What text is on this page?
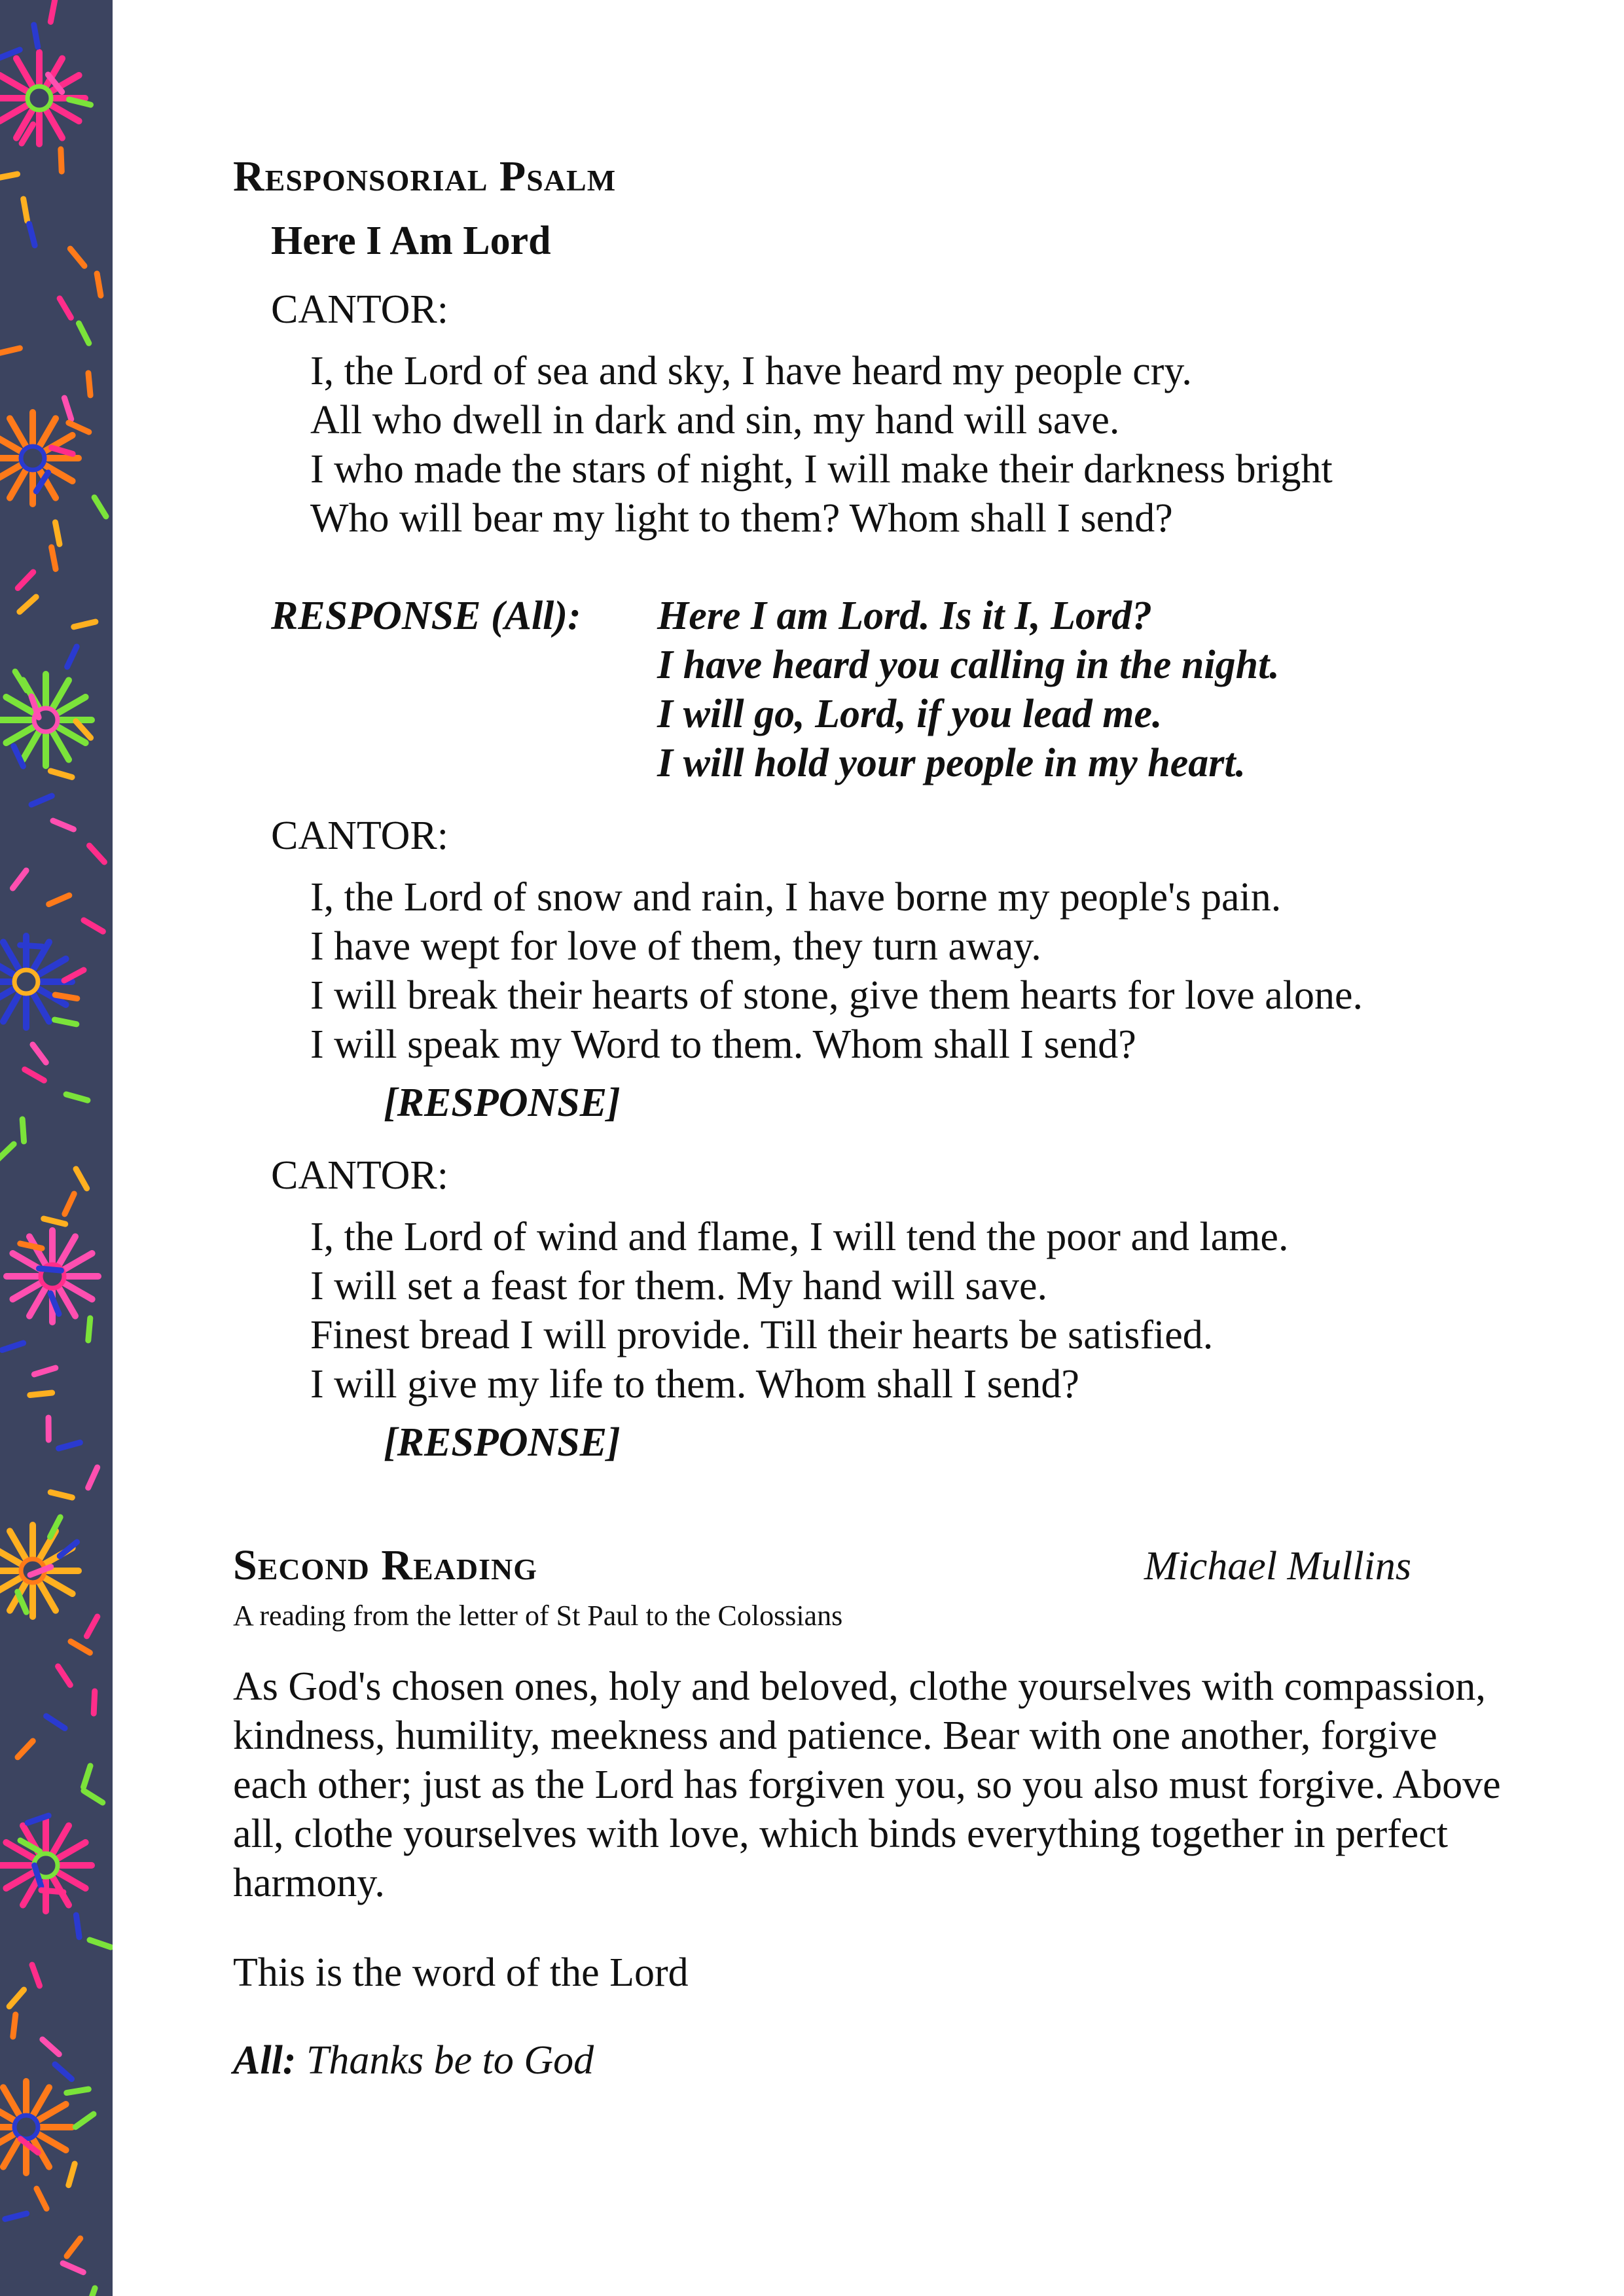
Responsorial Psalm
Here I Am Lord
CANTOR:
I, the Lord of sea and sky, I have heard my people cry.
All who dwell in dark and sin, my hand will save.
I who made the stars of night, I will make their darkness bright
Who will bear my light to them? Whom shall I send?
RESPONSE (All):	Here I am Lord. Is it I, Lord?
I have heard you calling in the night.
I will go, Lord, if you lead me.
I will hold your people in my heart.
CANTOR:
I, the Lord of snow and rain, I have borne my people's pain.
I have wept for love of them, they turn away.
I will break their hearts of stone, give them hearts for love alone.
I will speak my Word to them. Whom shall I send?
[RESPONSE]
CANTOR:
I, the Lord of wind and flame, I will tend the poor and lame.
I will set a feast for them. My hand will save.
Finest bread I will provide. Till their hearts be satisfied.
I will give my life to them. Whom shall I send?
[RESPONSE]
Second Reading	Michael Mullins
A reading from the letter of St Paul to the Colossians

As God's chosen ones, holy and beloved, clothe yourselves with compassion, kindness, humility, meekness and patience. Bear with one another, forgive each other; just as the Lord has forgiven you, so you also must forgive. Above all, clothe yourselves with love, which binds everything together in perfect harmony.

This is the word of the Lord
All: Thanks be to God
